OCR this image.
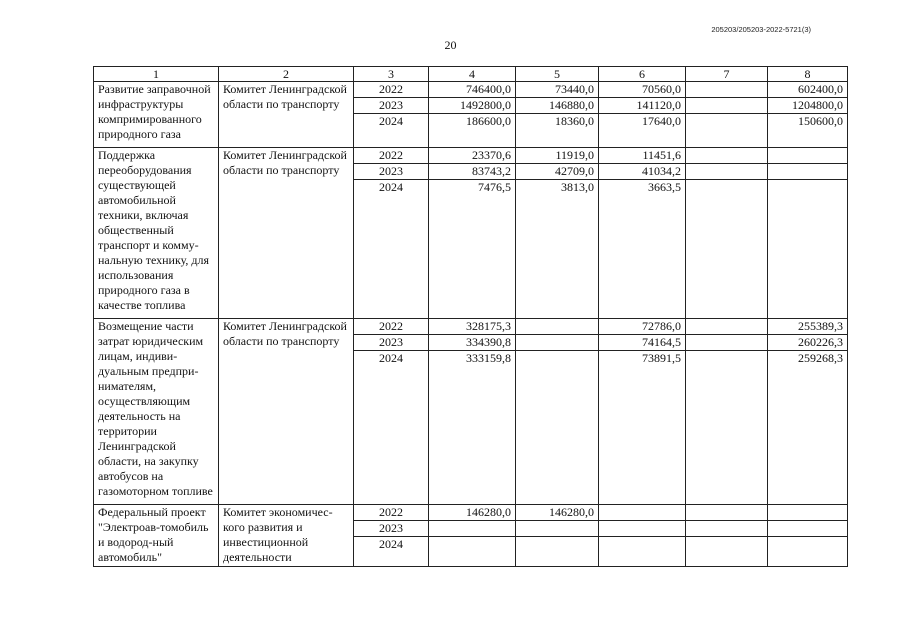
205203/205203-2022-5721(3)
20
1	2	3	4	5	6	7	8
Развитие заправочной инфраструктуры компримированного природного газа	Комитет Ленинградской области по транспорту	2022	746400,0	73440,0	70560,0		602400,0
		2023	1492800,0	146880,0	141120,0		1204800,0
		2024	186600,0	18360,0	17640,0		150600,0
Поддержка переоборудования существующей автомобильной техники, включая общественный транспорт и комму-нальную технику, для использования природного газа в качестве топлива	Комитет Ленинградской области по транспорту	2022	23370,6	11919,0	11451,6		
		2023	83743,2	42709,0	41034,2		
		2024	7476,5	3813,0	3663,5		
Возмещение части затрат юридическим лицам, индиви-дуальным предпри-нимателям, осуществляющим деятельность на территории Ленинградской области, на закупку автобусов на газомоторном топливе	Комитет Ленинградской области по транспорту	2022	328175,3		72786,0		255389,3
		2023	334390,8		74164,5		260226,3
		2024	333159,8		73891,5		259268,3
Федеральный проект "Электроав-томобиль и водород-ный автомобиль"	Комитет экономичес-кого развития и инвестиционной деятельности	2022	146280,0	146280,0			
		2023					
		2024					
